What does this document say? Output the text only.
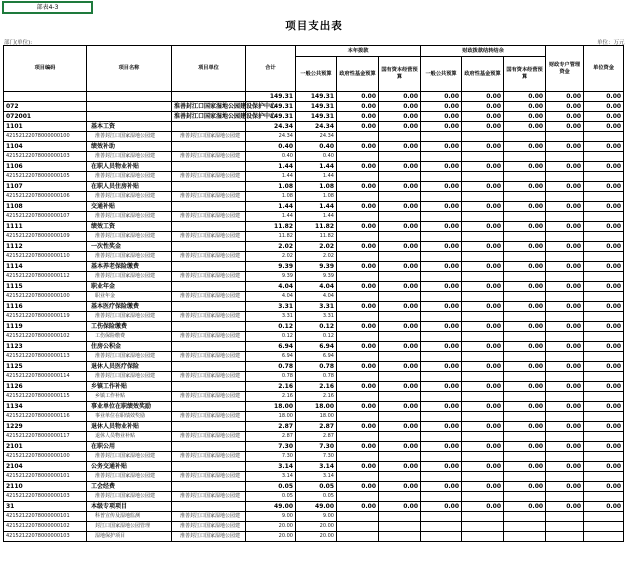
部表4-3
项目支出表
部门(单位):	单位：万元
项目编码	项目名称	项目单位	合计	本年拨款			财政拨款结转结余			财政专户管理资金	单位资金
				一般公共预算	政府性基金预算	国有资本经营预算	一般公共预算	政府性基金预算	国有资本经营预算		
			149.31	149.31	0.00	0.00	0.00	0.00	0.00	0.00	0.00
072		淮善封江口国家湿地公园建设保护中心	149.31	149.31	0.00	0.00	0.00	0.00	0.00	0.00	0.00
072001		淮善封江口国家湿地公园建设保护中心	149.31	149.31	0.00	0.00	0.00	0.00	0.00	0.00	0.00
1101	基本工资		24.34	24.34	0.00	0.00	0.00	0.00	0.00	0.00	0.00
42152122078000000100	淮善封江口国家湿地公园建	淮善封江口国家湿地公园建	24.34	24.34							
1104	绩效补助		0.40	0.40	0.00	0.00	0.00	0.00	0.00	0.00	0.00
42152122078000000103	淮善封江口国家湿地公园建	淮善封江口国家湿地公园建	0.40	0.40							
1106	在职人员物业补贴		1.44	1.44	0.00	0.00	0.00	0.00	0.00	0.00	0.00
42152122078000000105	淮善封江口国家湿地公园建	淮善封江口国家湿地公园建	1.44	1.44							
1107	在职人员住房补贴		1.08	1.08	0.00	0.00	0.00	0.00	0.00	0.00	0.00
42152122078000000106	淮善封江口国家湿地公园建	淮善封江口国家湿地公园建	1.08	1.08							
1108	交通补贴		1.44	1.44	0.00	0.00	0.00	0.00	0.00	0.00	0.00
42152122078000000107	淮善封江口国家湿地公园建	淮善封江口国家湿地公园建	1.44	1.44							
1111	绩效工资		11.82	11.82	0.00	0.00	0.00	0.00	0.00	0.00	0.00
42152122078000000109	淮善封江口国家湿地公园建	淮善封江口国家湿地公园建	11.82	11.82							
1112	一次性奖金		2.02	2.02	0.00	0.00	0.00	0.00	0.00	0.00	0.00
42152122078000000110	淮善封江口国家湿地公园建	淮善封江口国家湿地公园建	2.02	2.02							
1114	基本养老保险缴费		9.39	9.39	0.00	0.00	0.00	0.00	0.00	0.00	0.00
42152122078000000112	淮善封江口国家湿地公园建	淮善封江口国家湿地公园建	9.39	9.39							
1115	职业年金		4.04	4.04	0.00	0.00	0.00	0.00	0.00	0.00	0.00
42152122078000000100	职业年金	淮善封江口国家湿地公园建	4.04	4.04							
1116	基本医疗保险缴费		3.31	3.31	0.00	0.00	0.00	0.00	0.00	0.00	0.00
42152122078000000119	淮善封江口国家湿地公园建	淮善封江口国家湿地公园建	3.31	3.31							
1119	工伤保险缴费		0.12	0.12	0.00	0.00	0.00	0.00	0.00	0.00	0.00
42152122078000000102	工伤保险缴费	淮善封江口国家湿地公园建	0.12	0.12							
1123	住房公积金		6.94	6.94	0.00	0.00	0.00	0.00	0.00	0.00	0.00
42152122078000000113	淮善封江口国家湿地公园建	淮善封江口国家湿地公园建	6.94	6.94							
1125	退休人员医疗保险		0.78	0.78	0.00	0.00	0.00	0.00	0.00	0.00	0.00
42152122078000000114	淮善封江口国家湿地公园建	淮善封江口国家湿地公园建	0.78	0.78							
1126	乡镇工作补贴		2.16	2.16	0.00	0.00	0.00	0.00	0.00	0.00	0.00
42152122078000000115	乡镇工作补贴	淮善封江口国家湿地公园建	2.16	2.16							
1134	事业单位在职绩效奖励		18.00	18.00	0.00	0.00	0.00	0.00	0.00	0.00	0.00
42152122078000000116	事业单位在职绩效奖励	淮善封江口国家湿地公园建	18.00	18.00							
1229	退休人员物业补贴		2.87	2.87	0.00	0.00	0.00	0.00	0.00	0.00	0.00
42152122078000000117	退休人员物业补贴	淮善封江口国家湿地公园建	2.87	2.87							
2101	在职公用		7.30	7.30	0.00	0.00	0.00	0.00	0.00	0.00	0.00
42152122078000000100	淮善封江口国家湿地公园建	淮善封江口国家湿地公园建	7.30	7.30							
2104	公务交通补贴		3.14	3.14	0.00	0.00	0.00	0.00	0.00	0.00	0.00
42152122078000000101	淮善封江口国家湿地公园建	淮善封江口国家湿地公园建	3.14	3.14							
2110	工会经费		0.05	0.05	0.00	0.00	0.00	0.00	0.00	0.00	0.00
42152122078000000103	淮善封江口国家湿地公园建	淮善封江口国家湿地公园建	0.05	0.05							
31	本级专项项目		49.00	49.00	0.00	0.00	0.00	0.00	0.00	0.00	0.00
42152122078000000101	科普宣传及湿地监测	淮善封江口国家湿地公园建	9.00	9.00							
42152122078000000102	封江口国家湿地公园管理	淮善封江口国家湿地公园建	20.00	20.00							
42152122078000000103	湿地保护项目	淮善封江口国家湿地公园建	20.00	20.00							
